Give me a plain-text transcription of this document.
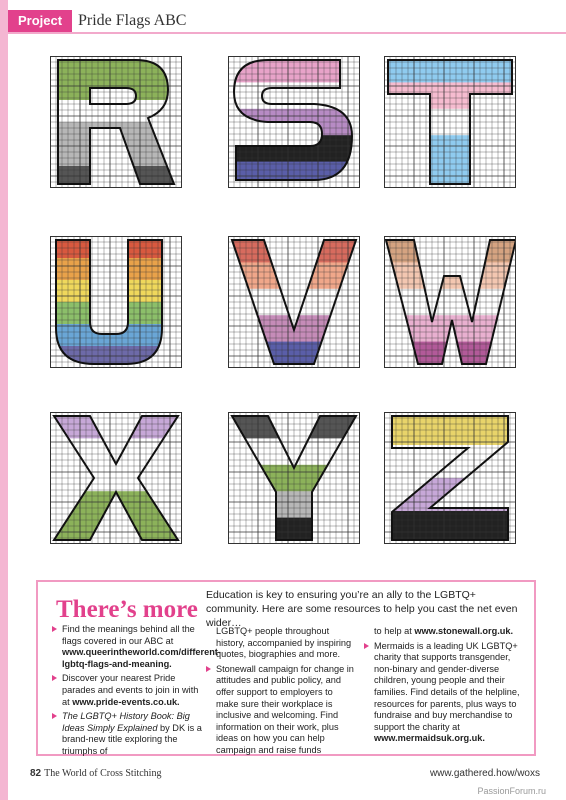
Project Pride Flags ABC
There’s more
Education is key to ensuring you’re an ally to the LGBTQ+ community. Here are some resources to help you cast the net even wider…

Find the meanings behind all the flags covered in our ABC at www.queerintheworld.com/different-lgbtq-flags-and-meaning.

Discover your nearest Pride parades and events to join in with at www.pride-events.co.uk.

The LGBTQ+ History Book: Big Ideas Simply Explained by DK is a brand-new title exploring the triumphs of

LGBTQ+ people throughout history, accompanied by inspiring quotes, biographies and more.

Stonewall campaign for change in attitudes and public policy, and offer support to employers to make sure their workplace is inclusive and welcoming. Find information on their work, plus ideas on how you can help campaign and raise funds

to help at www.stonewall.org.uk.

Mermaids is a leading UK LGBTQ+ charity that supports transgender, non-binary and gender-diverse children, young people and their families. Find details of the helpline, resources for parents, plus ways to fundraise and buy merchandise to support the charity at www.mermaidsuk.org.uk.

82 The World of Cross Stitching	www.gathered.how/woxs
PassionForum.ru
